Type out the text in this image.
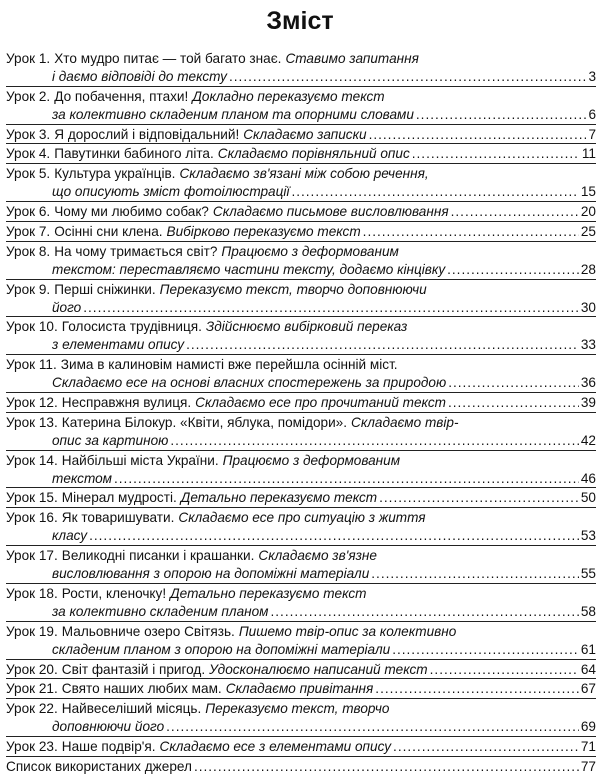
Зміст
Урок 1. Хто мудро питає — той багато знає. Ставимо запитання
і даємо відповіді до тексту .....	3
Урок 2. До побачення, птахи! Докладно переказуємо текст
за колективно складеним планом та опорними словами .....	6
Урок 3. Я дорослий і відповідальний! Складаємо записки .....	7
Урок 4. Павутинки бабиного літа. Складаємо порівняльний опис .....	11
Урок 5. Культура українців. Складаємо зв'язані між собою речення,
що описують зміст фотоілюстрації .....	15
Урок 6. Чому ми любимо собак? Складаємо письмове висловлювання .....	20
Урок 7. Осінні сни клена. Вибірково переказуємо текст .....	25
Урок 8. На чому тримається світ? Працюємо з деформованим
текстом: переставляємо частини тексту, додаємо кінцівку .....	28
Урок 9. Перші сніжинки. Переказуємо текст, творчо доповнюючи
його .....	30
Урок 10. Голосиста трудівниця. Здійснюємо вибірковий переказ
з елементами опису .....	33
Урок 11. Зима в калиновім намисті вже перейшла осінній міст.
Складаємо есе на основі власних спостережень за природою .....	36
Урок 12. Несправжня вулиця. Складаємо есе про прочитаний текст .....	39
Урок 13. Катерина Білокур. «Квіти, яблука, помідори». Складаємо твір-
опис за картиною .....	42
Урок 14. Найбільші міста України. Працюємо з деформованим
текстом .....	46
Урок 15. Мінерал мудрості. Детально переказуємо текст .....	50
Урок 16. Як товаришувати. Складаємо есе про ситуацію з життя
класу .....	53
Урок 17. Великодні писанки і крашанки. Складаємо зв'язне
висловлювання з опорою на допоміжні матеріали .....	55
Урок 18. Рости, кленочку! Детально переказуємо текст
за колективно складеним планом .....	58
Урок 19. Мальовниче озеро Світязь. Пишемо твір-опис за колективно
складеним планом з опорою на допоміжні матеріали .....	61
Урок 20. Світ фантазій і пригод. Удосконалюємо написаний текст .....	64
Урок 21. Свято наших любих мам. Складаємо привітання .....	67
Урок 22. Найвеселіший місяць. Переказуємо текст, творчо
доповнюючи його .....	69
Урок 23. Наше подвір'я. Складаємо есе з елементами опису .....	71
Список використаних джерел .....	77
